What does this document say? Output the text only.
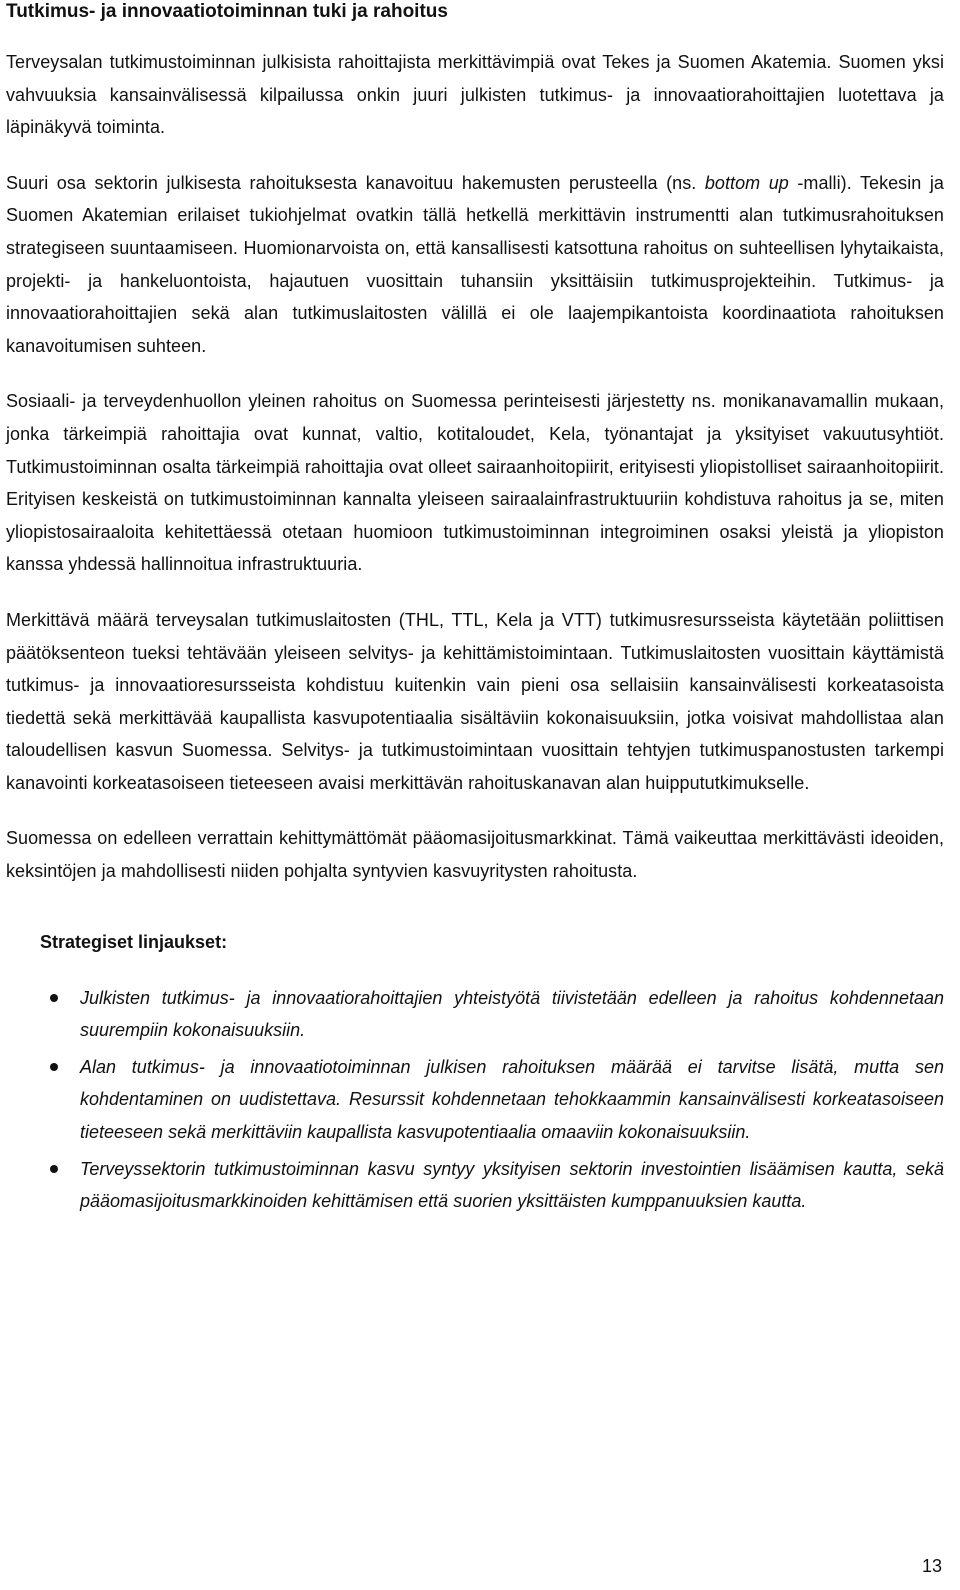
Tutkimus- ja innovaatiotoiminnan tuki ja rahoitus

Terveysalan tutkimustoiminnan julkisista rahoittajista merkittävimpiä ovat Tekes ja Suomen Akatemia. Suomen yksi vahvuuksia kansainvälisessä kilpailussa onkin juuri julkisten tutkimus- ja innovaatiorahoittajien luotettava ja läpinäkyvä toiminta.

Suuri osa sektorin julkisesta rahoituksesta kanavoituu hakemusten perusteella (ns. bottom up -malli). Tekesin ja Suomen Akatemian erilaiset tukiohjelmat ovatkin tällä hetkellä merkittävin instrumentti alan tutkimusrahoituksen strategiseen suuntaamiseen. Huomionarvoista on, että kansallisesti katsottuna rahoitus on suhteellisen lyhytaikaista, projekti- ja hankeluontoista, hajautuen vuosittain tuhansiin yksittäisiin tutkimusprojekteihin. Tutkimus- ja innovaatiorahoittajien sekä alan tutkimuslaitosten välillä ei ole laajempikantoista koordinaatiota rahoituksen kanavoitumisen suhteen.

Sosiaali- ja terveydenhuollon yleinen rahoitus on Suomessa perinteisesti järjestetty ns. monikanavamallin mukaan, jonka tärkeimpiä rahoittajia ovat kunnat, valtio, kotitaloudet, Kela, työnantajat ja yksityiset vakuutusyhtiöt. Tutkimustoiminnan osalta tärkeimpiä rahoittajia ovat olleet sairaanhoitopiirit, erityisesti yliopistolliset sairaanhoitopiirit. Erityisen keskeistä on tutkimustoiminnan kannalta yleiseen sairaalainfrastruktuuriin kohdistuva rahoitus ja se, miten yliopistosairaaloita kehitettäessä otetaan huomioon tutkimustoiminnan integroiminen osaksi yleistä ja yliopiston kanssa yhdessä hallinnoitua infrastruktuuria.

Merkittävä määrä terveysalan tutkimuslaitosten (THL, TTL, Kela ja VTT) tutkimusresursseista käytetään poliittisen päätöksenteon tueksi tehtävään yleiseen selvitys- ja kehittämistoimintaan. Tutkimuslaitosten vuosittain käyttämistä tutkimus- ja innovaatioresursseista kohdistuu kuitenkin vain pieni osa sellaisiin kansainvälisesti korkeatasoista tiedettä sekä merkittävää kaupallista kasvupotentiaalia sisältäviin kokonaisuuksiin, jotka voisivat mahdollistaa alan taloudellisen kasvun Suomessa. Selvitys- ja tutkimustoimintaan vuosittain tehtyjen tutkimuspanostusten tarkempi kanavointi korkeatasoiseen tieteeseen avaisi merkittävän rahoituskanavan alan huippututkimukselle.

Suomessa on edelleen verrattain kehittymättömät pääomasijoitusmarkkinat. Tämä vaikeuttaa merkittävästi ideoiden, keksintöjen ja mahdollisesti niiden pohjalta syntyvien kasvuyritysten rahoitusta.

Strategiset linjaukset:
Julkisten tutkimus- ja innovaatiorahoittajien yhteistyötä tiivistetään edelleen ja rahoitus kohdennetaan suurempiin kokonaisuuksiin.
Alan tutkimus- ja innovaatiotoiminnan julkisen rahoituksen määrää ei tarvitse lisätä, mutta sen kohdentaminen on uudistettava. Resurssit kohdennetaan tehokkaammin kansainvälisesti korkeatasoiseen tieteeseen sekä merkittäviin kaupallista kasvupotentiaalia omaaviin kokonaisuuksiin.
Terveyssektorin tutkimustoiminnan kasvu syntyy yksityisen sektorin investointien lisäämisen kautta, sekä pääomasijoitusmarkkinoiden kehittämisen että suorien yksittäisten kumppanuuksien kautta.
13
